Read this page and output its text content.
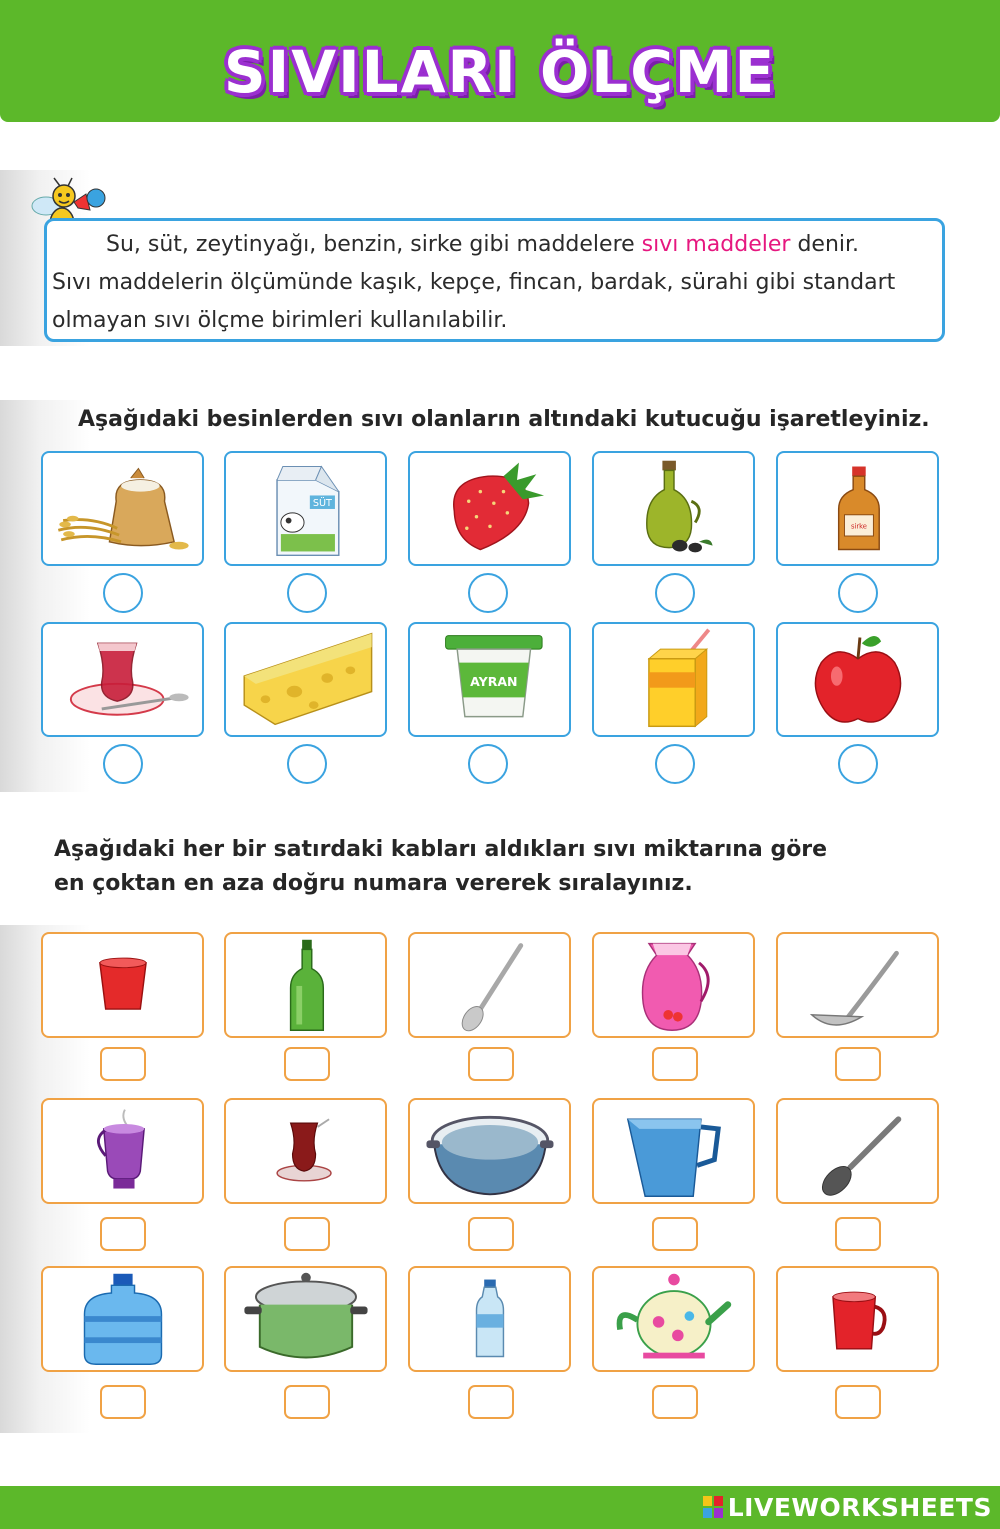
SIVILARI ÖLÇME
Su, süt, zeytinyağı, benzin, sirke gibi maddelere sıvı maddeler denir.
Sıvı maddelerin ölçümünde kaşık, kepçe, fincan, bardak, sürahi gibi standart
olmayan sıvı ölçme birimleri kullanılabilir.
Aşağıdaki besinlerden sıvı olanların altındaki kutucuğu işaretleyiniz.
SÜT
sirke
AYRAN
Aşağıdaki her bir satırdaki kabları aldıkları sıvı miktarına göre
en çoktan en aza doğru numara vererek sıralayınız.
LIVEWORKSHEETS
